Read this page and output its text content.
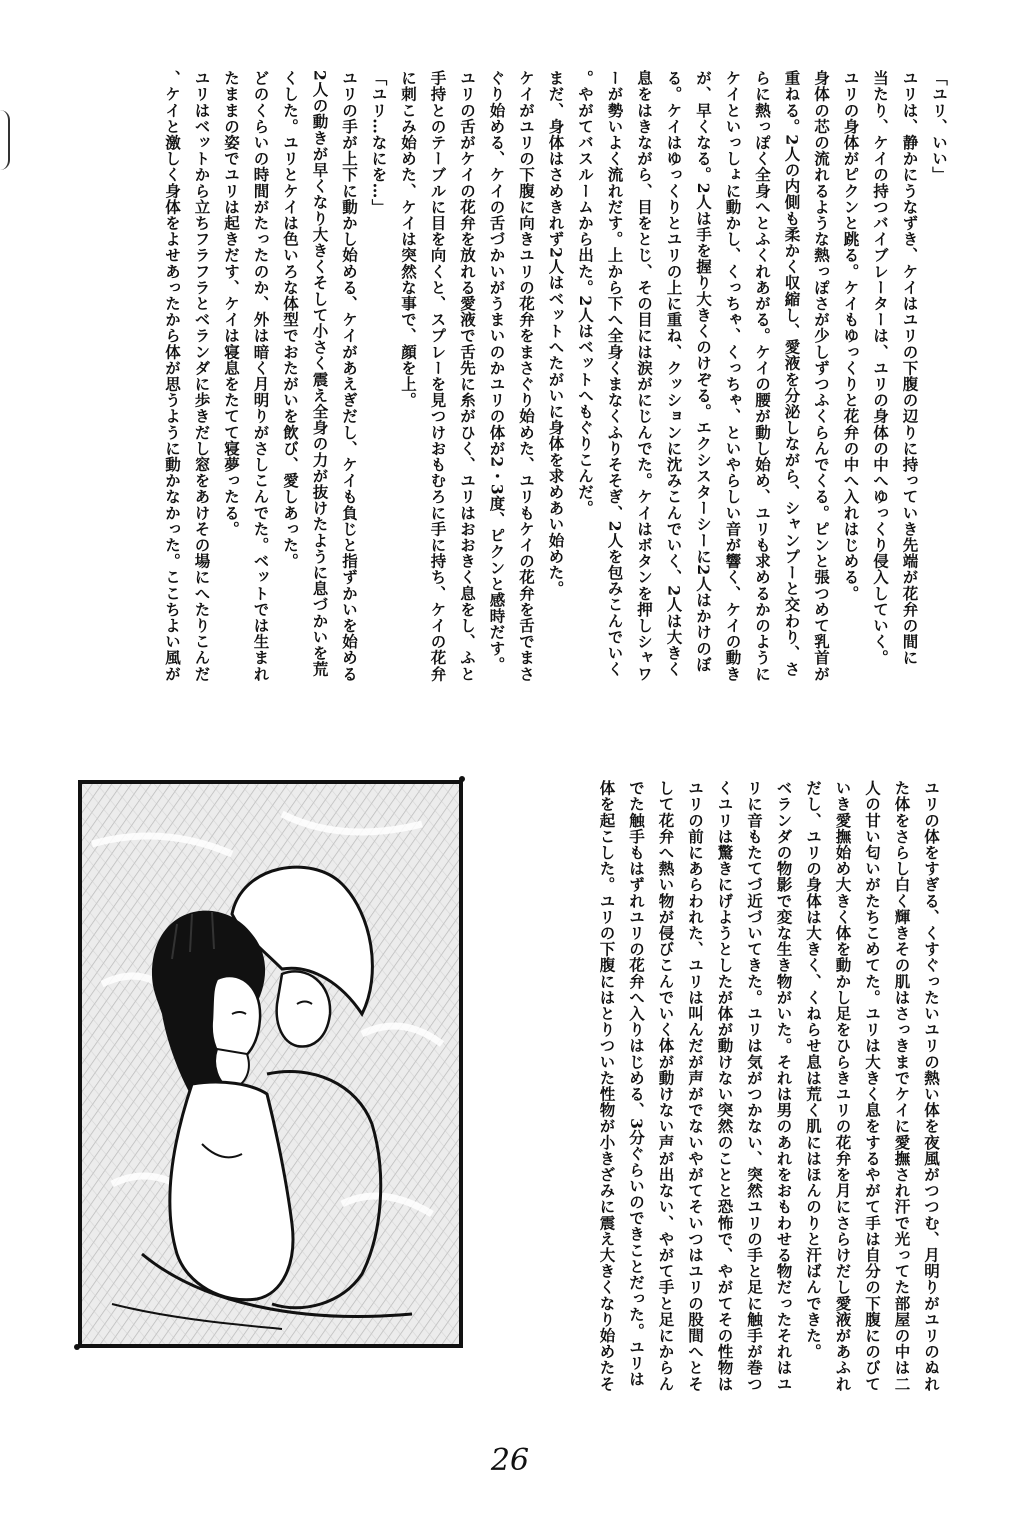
「ユリ、いい」

ユリは、静かにうなずき、ケイはユリの下腹の辺りに持っていき先端が花弁の間に

当たり、ケイの持つバイブレーターは、ユリの身体の中へゆっくり侵入していく。

ユリの身体がピクンと跳る。ケイもゆっくりと花弁の中へ入れはじめる。

身体の芯の流れるような熱っぽさが少しずつふくらんでくる。ピンと張つめて乳首が

重ねる。2人の内側も柔かく収縮し、愛液を分泌しながら、シャンプーと交わり、さ

らに熱っぽく全身へとふくれあがる。ケイの腰が動し始め、ユリも求めるかのように

ケイといっしょに動かし、くっちゃ、くっちゃ、といやらしい音が響く、ケイの動き

が、早くなる。2人は手を握り大きくのけぞる。エクシスターシーに2人はかけのぼ

る。ケイはゆっくりとユリの上に重ね、クッションに沈みこんでいく、2人は大きく

息をはきながら、目をとじ、その目には涙がにじんでた。ケイはボタンを押しシャワ

ーが勢いよく流れだす。上から下へ全身くまなくふりそそぎ、2人を包みこんでいく

。やがてバスルームから出た。2人はベットへもぐりこんだ。

まだ、身体はさめきれず2人はベットへたがいに身体を求めあい始めた。

ケイがユリの下腹に向きユリの花弁をまさぐり始めた、ユリもケイの花弁を舌でまさ

ぐり始める、ケイの舌づかいがうまいのかユリの体が2・3度、ピクンと感時だす。

ユリの舌がケイの花弁を放れる愛液で舌先に糸がひく、ユリはおおきく息をし、ふと

手持とのテーブルに目を向くと、スプレーを見つけおもむろに手に持ち、ケイの花弁

に刺こみ始めた、ケイは突然な事で、顔を上。

「ユリ…なにを…」

ユリの手が上下に動かし始める、ケイがあえぎだし、ケイも負じと指ずかいを始める

2人の動きが早くなり大きくそして小さく震え全身の力が抜けたように息づかいを荒

くした。ユリとケイは色いろな体型でおたがいを飲び、愛しあった。

どのくらいの時間がたったのか、外は暗く月明りがさしこんでた。ベットでは生まれ

たままの姿でユリは起きだす、ケイは寝息をたてて寝夢ったる。

ユリはベットから立ちフラフラとベランダに歩きだし窓をあけその場にへたりこんだ

、ケイと激しく身体をよせあったから体が思うように動かなかった。ここちよい風が

ユリの体をすぎる、くすぐったいユリの熱い体を夜風がつつむ、月明りがユリのぬれ

た体をさらし白く輝きその肌はさっきまでケイに愛撫され汗で光ってた部屋の中は二

人の甘い匂いがたちこめてた。ユリは大きく息をするやがて手は自分の下腹にのびて

いき愛撫始め大きく体を動かし足をひらきユリの花弁を月にさらけだし愛液があふれ

だし、ユリの身体は大きく、くねらせ息は荒く肌にはほんのりと汗ばんできた。

ベランダの物影で変な生き物がいた。それは男のあれをおもわせる物だったそれはユ

リに音もたてづ近づいてきた。ユリは気がつかない、突然ユリの手と足に触手が巻つ

くユリは驚きにげようとしたが体が動けない突然のことと恐怖で、やがてその性物は

ユリの前にあらわれた、ユリは叫んだが声がでないやがてそいつはユリの股間へとそ

して花弁へ熱い物が侵びこんでいく体が動けない声が出ない、やがて手と足にからん

でた触手もはずれユリの花弁へ入りはじめる、3分ぐらいのできことだった。ユリは

体を起こした。ユリの下腹にはとりついた性物が小きざみに震え大きくなり始めたそ

26
